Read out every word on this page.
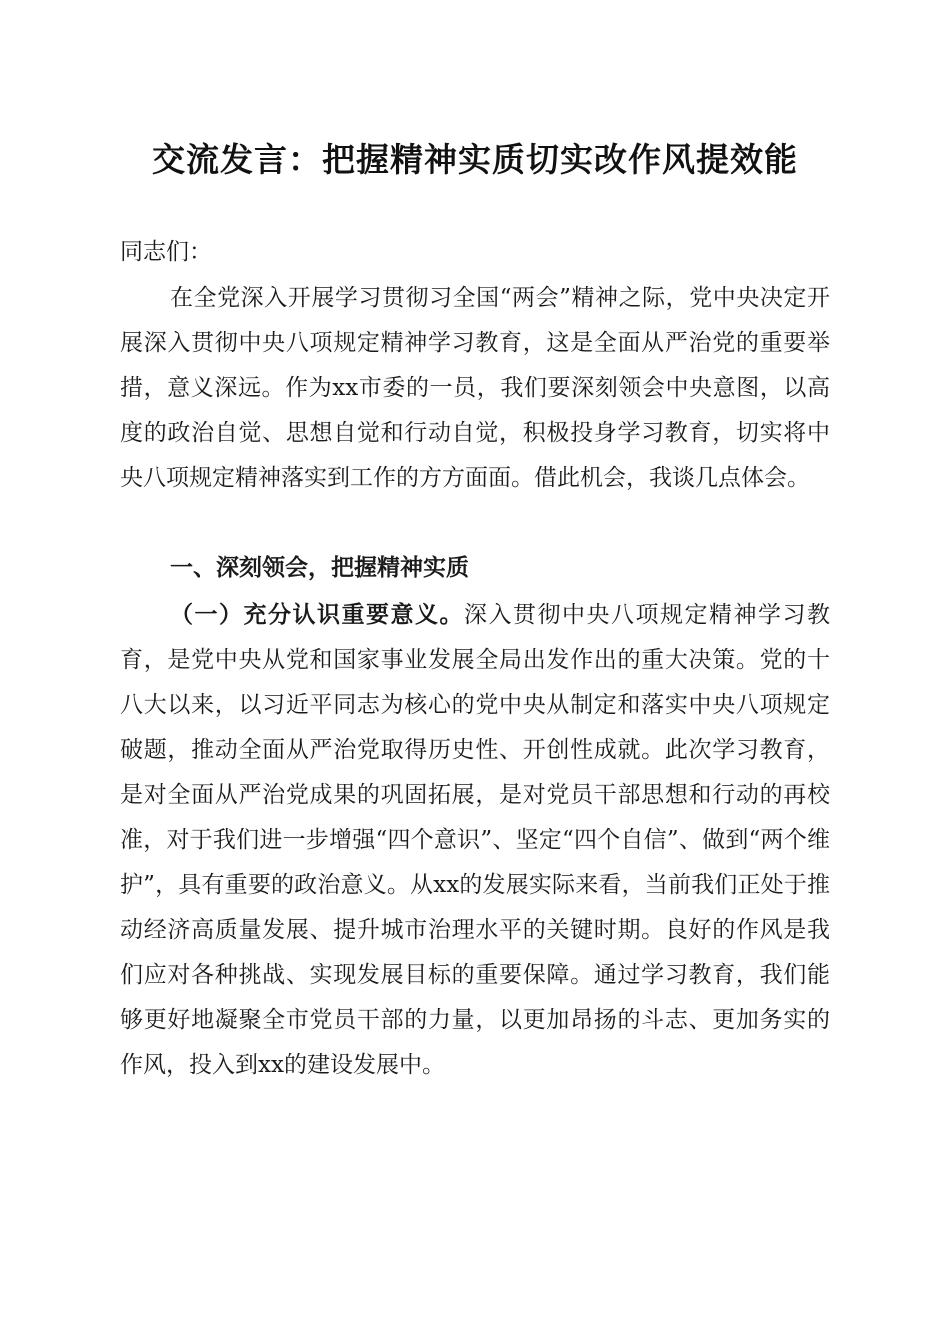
交流发言：把握精神实质切实改作风提效能
同志们：
在全党深入开展学习贯彻习全国“两会”精神之际，党中央决定开展深入贯彻中央八项规定精神学习教育，这是全面从严治党的重要举措，意义深远。作为xx市委的一员，我们要深刻领会中央意图，以高度的政治自觉、思想自觉和行动自觉，积极投身学习教育，切实将中央八项规定精神落实到工作的方方面面。借此机会，我谈几点体会。
一、深刻领会，把握精神实质
（一）充分认识重要意义。深入贯彻中央八项规定精神学习教育，是党中央从党和国家事业发展全局出发作出的重大决策。党的十八大以来，以习近平同志为核心的党中央从制定和落实中央八项规定破题，推动全面从严治党取得历史性、开创性成就。此次学习教育，是对全面从严治党成果的巩固拓展，是对党员干部思想和行动的再校准，对于我们进一步增强“四个意识”、坚定“四个自信”、做到“两个维护”，具有重要的政治意义。从xx的发展实际来看，当前我们正处于推动经济高质量发展、提升城市治理水平的关键时期。良好的作风是我们应对各种挑战、实现发展目标的重要保障。通过学习教育，我们能够更好地凝聚全市党员干部的力量，以更加昂扬的斗志、更加务实的作风，投入到xx的建设发展中。
